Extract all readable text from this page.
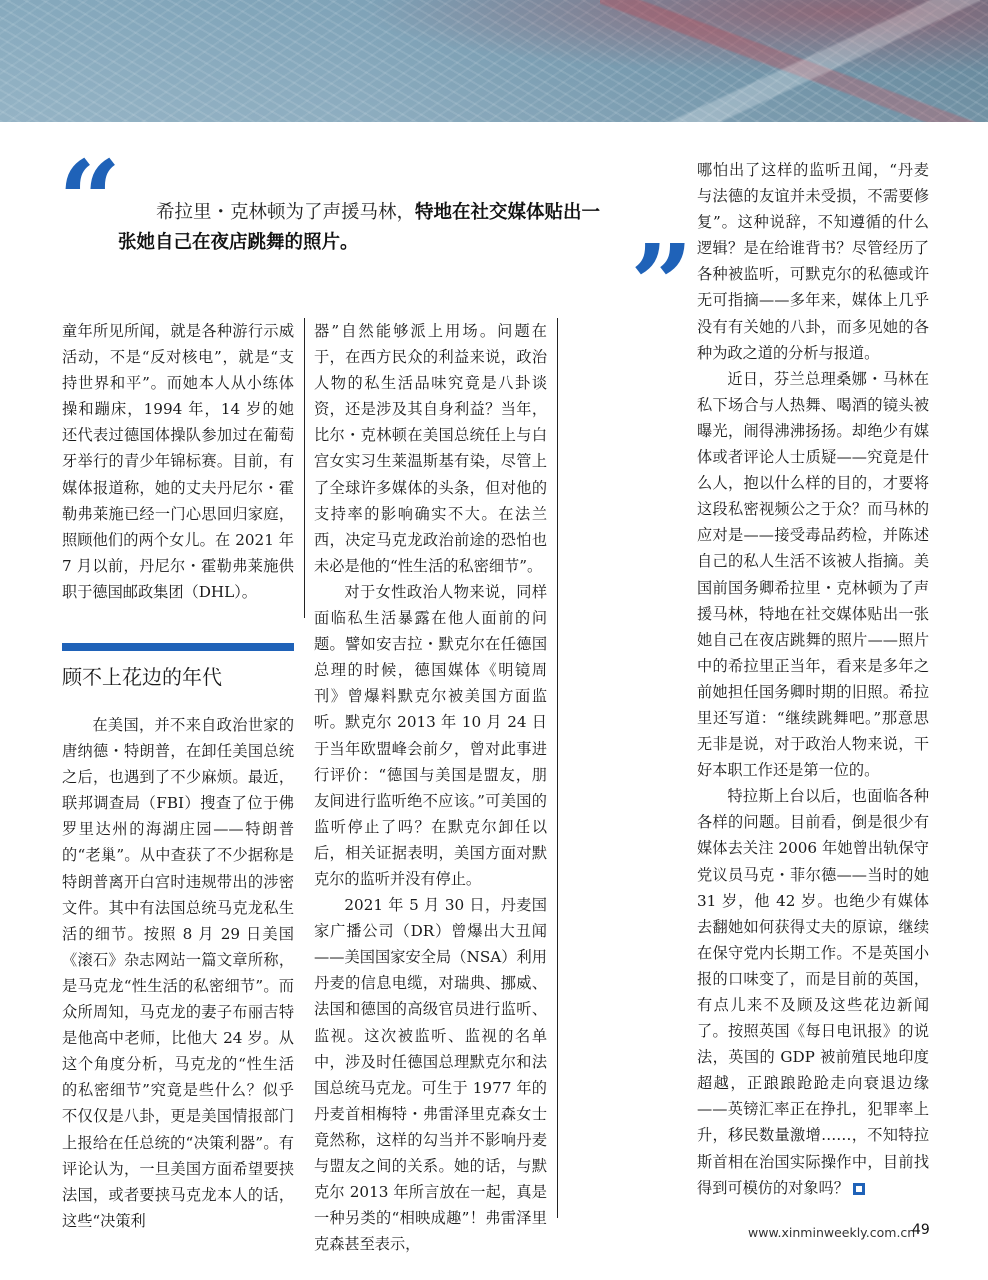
“	希拉里・克林顿为了声援马林，特地在社交媒体贴出一张她自己在夜店跳舞的照片。	”

童年所见所闻，就是各种游行示威活动，不是“反对核电”，就是“支持世界和平”。而她本人从小练体操和蹦床，1994 年，14 岁的她还代表过德国体操队参加过在葡萄牙举行的青少年锦标赛。目前，有媒体报道称，她的丈夫丹尼尔・霍勒弗莱施已经一门心思回归家庭，照顾他们的两个女儿。在 2021 年 7 月以前，丹尼尔・霍勒弗莱施供职于德国邮政集团（DHL）。

顾不上花边的年代

在美国，并不来自政治世家的唐纳德・特朗普，在卸任美国总统之后，也遇到了不少麻烦。最近，联邦调查局（FBI）搜查了位于佛罗里达州的海湖庄园——特朗普的“老巢”。从中查获了不少据称是特朗普离开白宫时违规带出的涉密文件。其中有法国总统马克龙私生活的细节。按照 8 月 29 日美国《滚石》杂志网站一篇文章所称，是马克龙“性生活的私密细节”。而众所周知，马克龙的妻子布丽吉特是他高中老师，比他大 24 岁。从这个角度分析，马克龙的“性生活的私密细节”究竟是些什么？似乎不仅仅是八卦，更是美国情报部门上报给在任总统的“决策利器”。有评论认为，一旦美国方面希望要挟法国，或者要挟马克龙本人的话，这些“决策利

器”自然能够派上用场。问题在于，在西方民众的利益来说，政治人物的私生活品味究竟是八卦谈资，还是涉及其自身利益？当年，比尔・克林顿在美国总统任上与白宫女实习生莱温斯基有染，尽管上了全球许多媒体的头条，但对他的支持率的影响确实不大。在法兰西，决定马克龙政治前途的恐怕也未必是他的“性生活的私密细节”。

对于女性政治人物来说，同样面临私生活暴露在他人面前的问题。譬如安吉拉・默克尔在任德国总理的时候，德国媒体《明镜周刊》曾爆料默克尔被美国方面监听。默克尔 2013 年 10 月 24 日于当年欧盟峰会前夕，曾对此事进行评价：“德国与美国是盟友，朋友间进行监听绝不应该。”可美国的监听停止了吗？在默克尔卸任以后，相关证据表明，美国方面对默克尔的监听并没有停止。

2021 年 5 月 30 日，丹麦国家广播公司（DR）曾爆出大丑闻——美国国家安全局（NSA）利用丹麦的信息电缆，对瑞典、挪威、法国和德国的高级官员进行监听、监视。这次被监听、监视的名单中，涉及时任德国总理默克尔和法国总统马克龙。可生于 1977 年的丹麦首相梅特・弗雷泽里克森女士竟然称，这样的勾当并不影响丹麦与盟友之间的关系。她的话，与默克尔 2013 年所言放在一起，真是一种另类的“相映成趣”！弗雷泽里克森甚至表示，

哪怕出了这样的监听丑闻，“丹麦与法德的友谊并未受损，不需要修复”。这种说辞，不知遵循的什么逻辑？是在给谁背书？尽管经历了各种被监听，可默克尔的私德或许无可指摘——多年来，媒体上几乎没有有关她的八卦，而多见她的各种为政之道的分析与报道。

近日，芬兰总理桑娜・马林在私下场合与人热舞、喝酒的镜头被曝光，闹得沸沸扬扬。却绝少有媒体或者评论人士质疑——究竟是什么人，抱以什么样的目的，才要将这段私密视频公之于众？而马林的应对是——接受毒品药检，并陈述自己的私人生活不该被人指摘。美国前国务卿希拉里・克林顿为了声援马林，特地在社交媒体贴出一张她自己在夜店跳舞的照片——照片中的希拉里正当年，看来是多年之前她担任国务卿时期的旧照。希拉里还写道：“继续跳舞吧。”那意思无非是说，对于政治人物来说，干好本职工作还是第一位的。

特拉斯上台以后，也面临各种各样的问题。目前看，倒是很少有媒体去关注 2006 年她曾出轨保守党议员马克・菲尔德——当时的她 31 岁，他 42 岁。也绝少有媒体去翻她如何获得丈夫的原谅，继续在保守党内长期工作。不是英国小报的口味变了，而是目前的英国，有点儿来不及顾及这些花边新闻了。按照英国《每日电讯报》的说法，英国的 GDP 被前殖民地印度超越，正踉踉跄跄走向衰退边缘——英镑汇率正在挣扎，犯罪率上升，移民数量激增……，不知特拉斯首相在治国实际操作中，目前找得到可模仿的对象吗？

www.xinminweekly.com.cn
49
